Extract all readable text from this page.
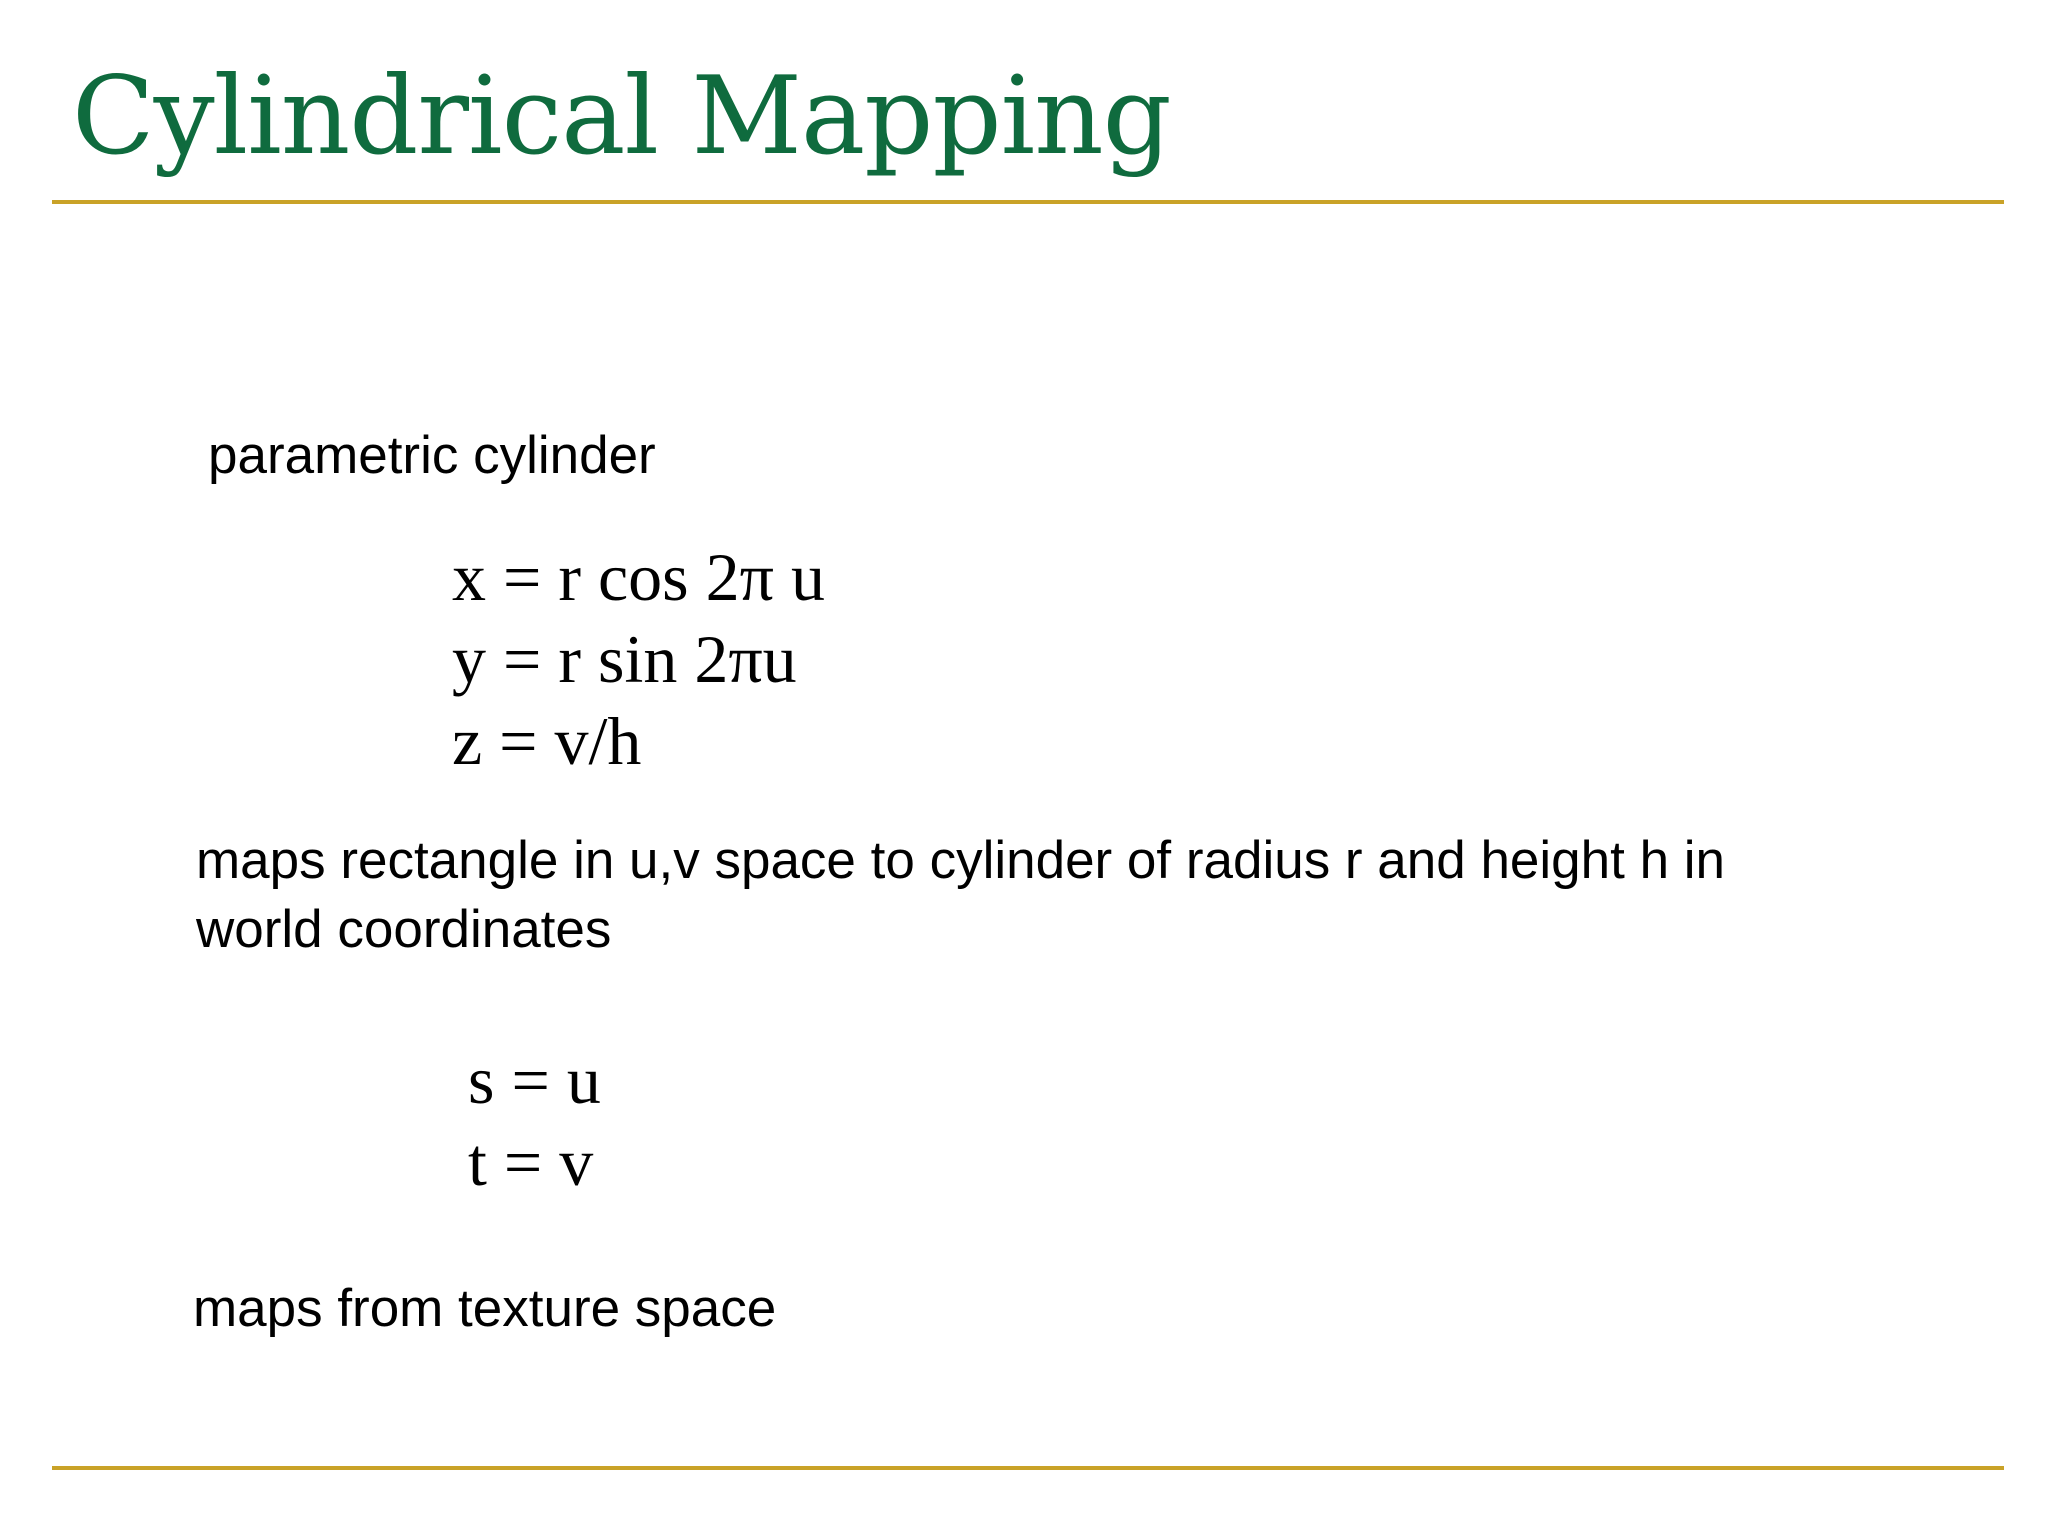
Cylindrical Mapping
parametric cylinder
x = r cos 2π u
y = r sin 2πu
z = v/h
maps rectangle in u,v space to cylinder of radius r and height h in
world coordinates
s = u
t = v
maps from texture space
